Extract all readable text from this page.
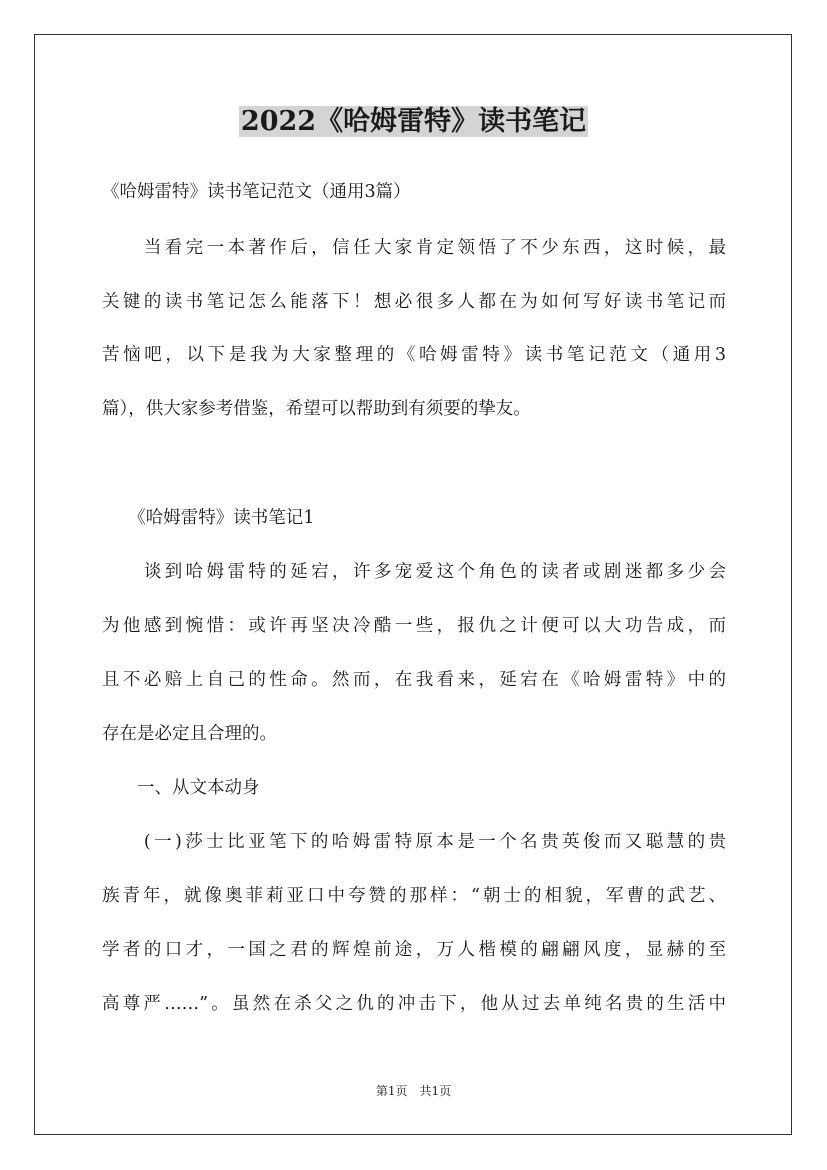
2022《哈姆雷特》读书笔记
《哈姆雷特》读书笔记范文（通用3篇）
　　当看完一本著作后，信任大家肯定领悟了不少东西，这时候，最
关键的读书笔记怎么能落下！想必很多人都在为如何写好读书笔记而
苦恼吧，以下是我为大家整理的《哈姆雷特》读书笔记范文（通用3
篇），供大家参考借鉴，希望可以帮助到有须要的挚友。
　　《哈姆雷特》读书笔记1
　　谈到哈姆雷特的延宕，许多宠爱这个角色的读者或剧迷都多少会
为他感到惋惜：或许再坚决冷酷一些，报仇之计便可以大功告成，而
且不必赔上自己的性命。然而，在我看来，延宕在《哈姆雷特》中的
存在是必定且合理的。
　　一、从文本动身
　　(一)莎士比亚笔下的哈姆雷特原本是一个名贵英俊而又聪慧的贵
族青年，就像奥菲莉亚口中夸赞的那样：“朝士的相貌，军曹的武艺、
学者的口才，一国之君的辉煌前途，万人楷模的翩翩风度，显赫的至
高尊严……”。虽然在杀父之仇的冲击下，他从过去单纯名贵的生活中
第1页　共1页
